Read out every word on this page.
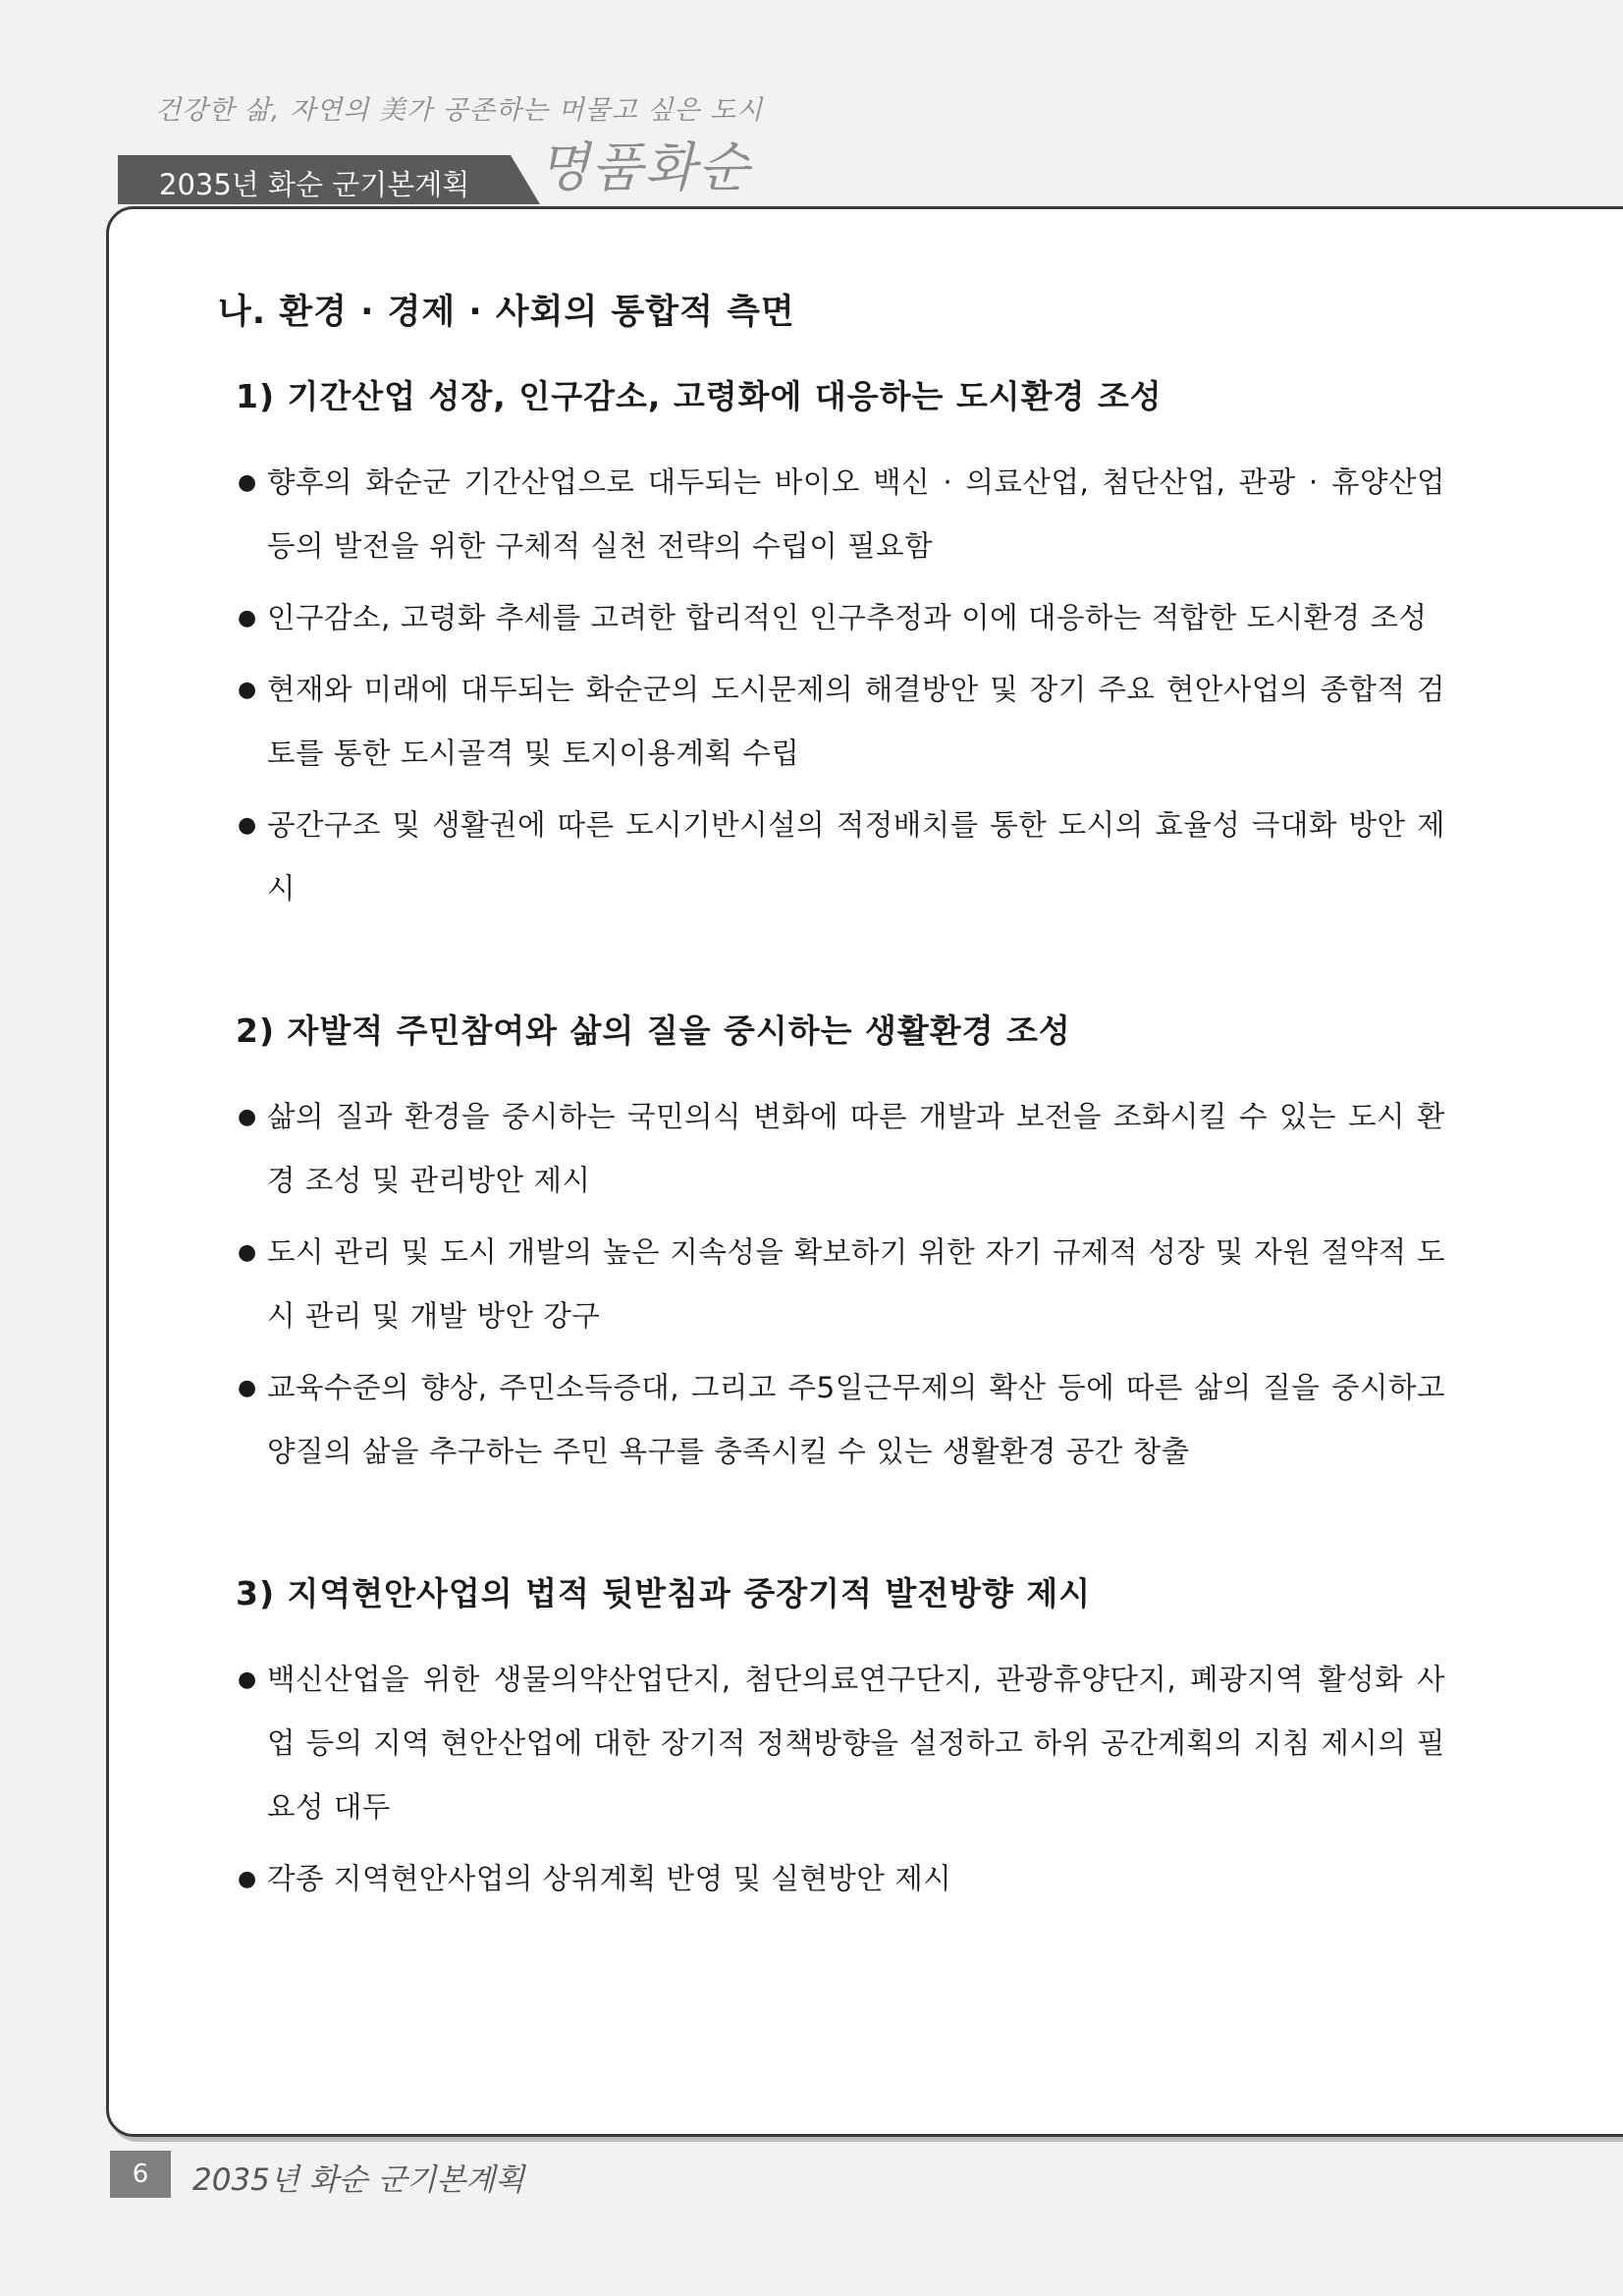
건강한 삶, 자연의 美가 공존하는 머물고 싶은 도시
2035년 화순 군기본계획 명품화순
나. 환경 · 경제 · 사회의 통합적 측면
1) 기간산업 성장, 인구감소, 고령화에 대응하는 도시환경 조성
● 향후의 화순군 기간산업으로 대두되는 바이오 백신 · 의료산업, 첨단산업, 관광 · 휴양산업 등의 발전을 위한 구체적 실천 전략의 수립이 필요함
● 인구감소, 고령화 추세를 고려한 합리적인 인구추정과 이에 대응하는 적합한 도시환경 조성
● 현재와 미래에 대두되는 화순군의 도시문제의 해결방안 및 장기 주요 현안사업의 종합적 검토를 통한 도시골격 및 토지이용계획 수립
● 공간구조 및 생활권에 따른 도시기반시설의 적정배치를 통한 도시의 효율성 극대화 방안 제시
2) 자발적 주민참여와 삶의 질을 중시하는 생활환경 조성
● 삶의 질과 환경을 중시하는 국민의식 변화에 따른 개발과 보전을 조화시킬 수 있는 도시 환경 조성 및 관리방안 제시
● 도시 관리 및 도시 개발의 높은 지속성을 확보하기 위한 자기 규제적 성장 및 자원 절약적 도시 관리 및 개발 방안 강구
● 교육수준의 향상, 주민소득증대, 그리고 주5일근무제의 확산 등에 따른 삶의 질을 중시하고 양질의 삶을 추구하는 주민 욕구를 충족시킬 수 있는 생활환경 공간 창출
3) 지역현안사업의 법적 뒷받침과 중장기적 발전방향 제시
● 백신산업을 위한 생물의약산업단지, 첨단의료연구단지, 관광휴양단지, 폐광지역 활성화 사업 등의 지역 현안산업에 대한 장기적 정책방향을 설정하고 하위 공간계획의 지침 제시의 필요성 대두
● 각종 지역현안사업의 상위계획 반영 및 실현방안 제시
6	2035년 화순 군기본계획
